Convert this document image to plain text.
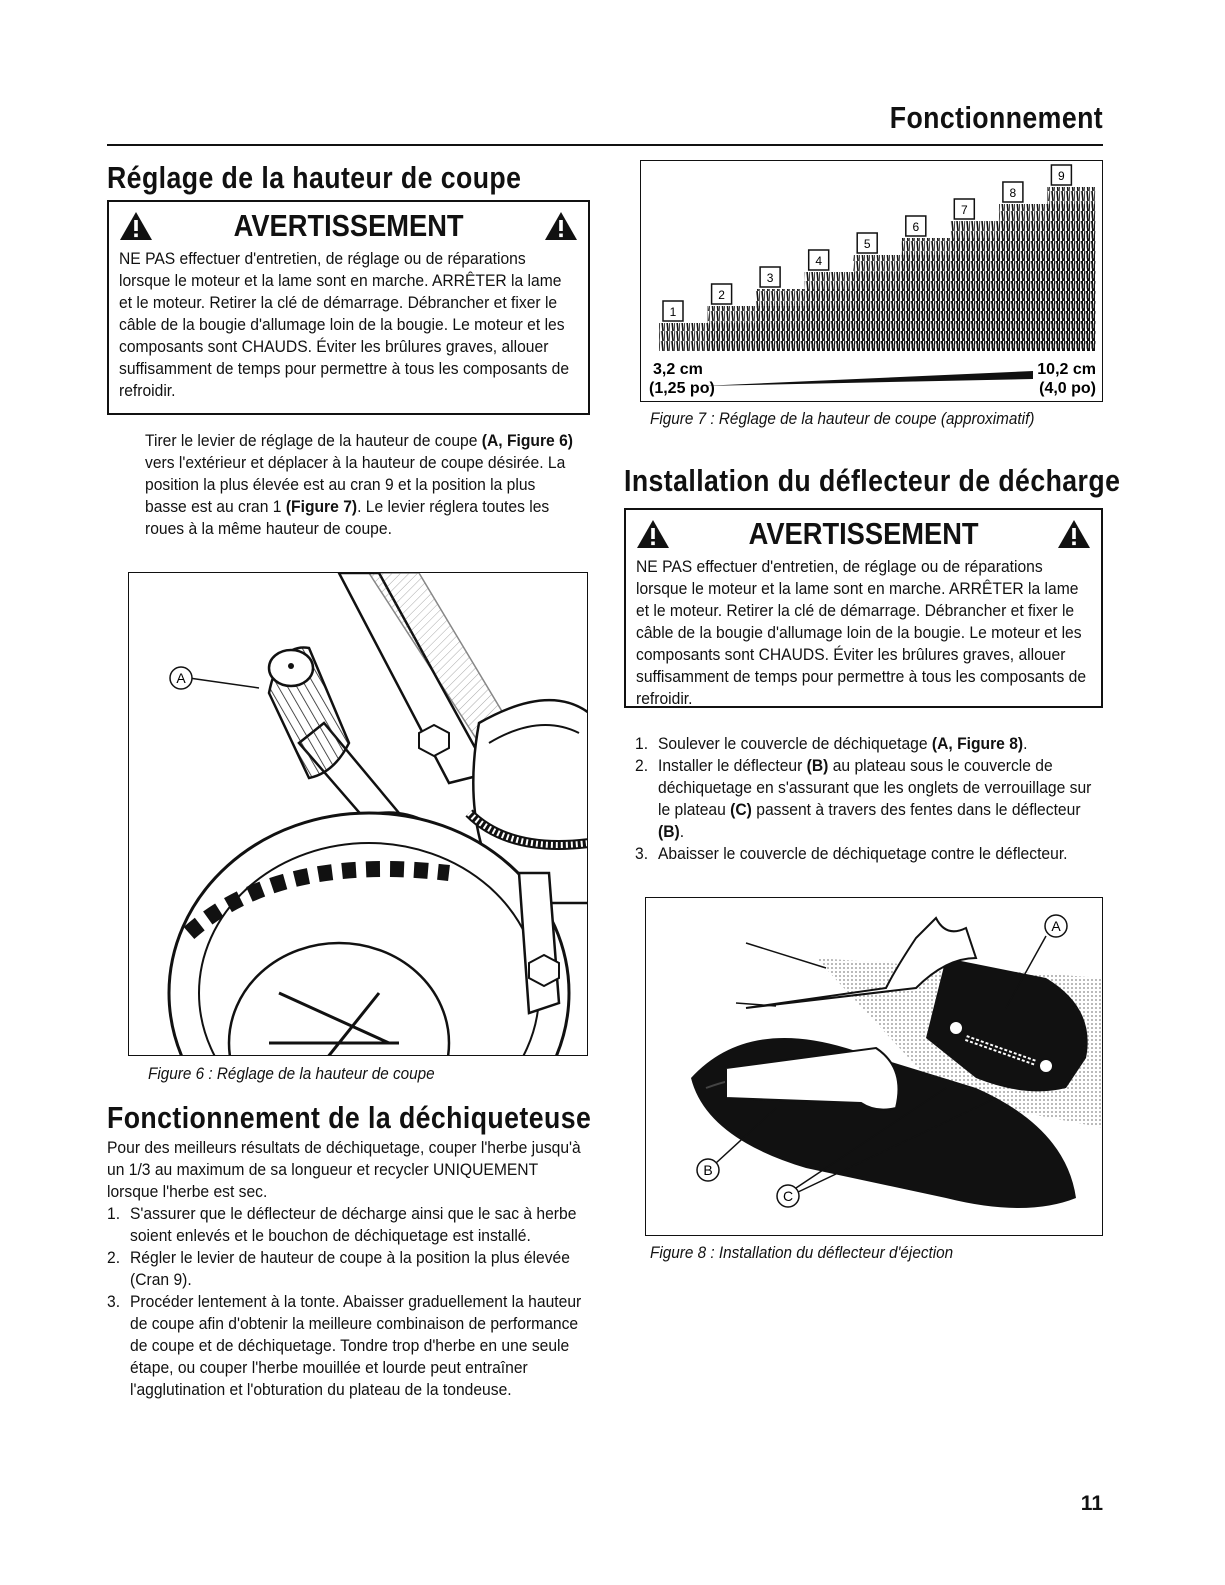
Fonctionnement
Réglage de la hauteur de coupe
AVERTISSEMENT

NE PAS effectuer d'entretien, de réglage ou de réparations lorsque le moteur et la lame sont en marche. ARRÊTER la lame et le moteur. Retirer la clé de démarrage. Débrancher et fixer le câble de la bougie d'allumage loin de la bougie. Le moteur et les composants sont CHAUDS. Éviter les brûlures graves, allouer suffisamment de temps pour permettre à tous les composants de refroidir.

Tirer le levier de réglage de la hauteur de coupe (A, Figure 6) vers l'extérieur et déplacer à la hauteur de coupe désirée. La position la plus élevée est au cran 9 et la position la plus basse est au cran 1 (Figure 7). Le levier réglera toutes les roues à la même hauteur de coupe.

A
Figure 6 : Réglage de la hauteur de coupe
Fonctionnement de la déchiqueteuse

Pour des meilleurs résultats de déchiquetage, couper l'herbe jusqu'à un 1/3 au maximum de sa longueur et recycler UNIQUEMENT lorsque l'herbe est sec.

1. S'assurer que le déflecteur de décharge ainsi que le sac à herbe soient enlevés et le bouchon de déchiquetage est installé.
2. Régler le levier de hauteur de coupe à la position la plus élevée (Cran 9).
3. Procéder lentement à la tonte. Abaisser graduellement la hauteur de coupe afin d'obtenir la meilleure combinaison de performance de coupe et de déchiquetage. Tondre trop d'herbe en une seule étape, ou couper l'herbe mouillée et lourde peut entraîner l'agglutination et l'obturation du plateau de la tondeuse.
1
2
3
4
5
6
7
8
9
3,2 cm
(1,25 po)
10,2 cm
(4,0 po)
Figure 7 : Réglage de la hauteur de coupe (approximatif)
Installation du déflecteur de décharge
AVERTISSEMENT

NE PAS effectuer d'entretien, de réglage ou de réparations lorsque le moteur et la lame sont en marche. ARRÊTER la lame et le moteur. Retirer la clé de démarrage. Débrancher et fixer le câble de la bougie d'allumage loin de la bougie. Le moteur et les composants sont CHAUDS. Éviter les brûlures graves, allouer suffisamment de temps pour permettre à tous les composants de refroidir.

1. Soulever le couvercle de déchiquetage (A, Figure 8).
2. Installer le déflecteur (B) au plateau sous le couvercle de déchiquetage en s'assurant que les onglets de verrouillage sur le plateau (C) passent à travers des fentes dans le déflecteur (B).
3. Abaisser le couvercle de déchiquetage contre le déflecteur.
A
B
C
Figure 8 : Installation du déflecteur d'éjection
11
